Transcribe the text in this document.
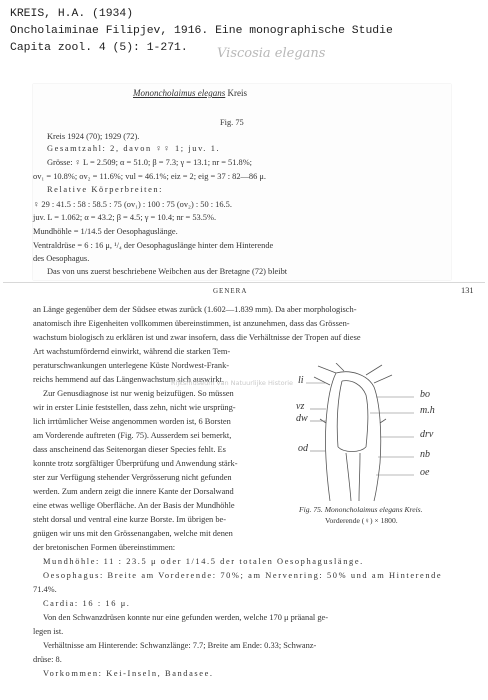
KREIS, H.A. (1934)
Oncholaiminae Filipjev, 1916. Eine monographische Studie
Capita zool. 4 (5): 1-271. Viscosia elegans
Mononcholaimus elegans Kreis
Fig. 75
Kreis 1924 (70); 1929 (72).
Gesamtzahl: 2, davon ♀♀ 1; juv. 1.
Grösse: ♀ L = 2.509; α = 51.0; β = 7.3; γ = 13.1; nr = 51.8%;
ov₁ = 10.8%; ov₂ = 11.6%; vul = 46.1%; eiz = 2; eig = 37 : 82—86 μ.
Relative Körperbreiten:
♀ 29 : 41.5 : 58 : 58.5 : 75 (ov₁) : 100 : 75 (ov₂) : 50 : 16.5.
juv. L = 1.062; α = 43.2; β = 4.5; γ = 10.4; nr = 53.5%.
Mundhöhle = 1/14.5 der Oesophaguslänge.
Ventraldrüse = 6 : 16 μ, ¹/₄ der Oesophaguslänge hinter dem Hinterende
des Oesophagus.
Das von uns zuerst beschriebene Weibchen aus der Bretagne (72) bleibt
GENERA	131
an Länge gegenüber dem der Südsee etwas zurück (1.602—1.839 mm). Da aber morphologisch-
anatomisch ihre Eigenheiten vollkommen übereinstimmen, ist anzunehmen, dass das Grössen-
wachstum biologisch zu erklären ist und zwar insofern, dass die Verhältnisse der Tropen auf diese
Art wachstumfördernd einwirkt, während die starken Tem-
peraturschwankungen unterlegene Küste Nordwest-Frank-
reichs hemmend auf das Längenwachstum sich auswirkt.
Zur Genusdiagnose ist nur wenig beizufügen. So müssen
wir in erster Linie feststellen, dass zehn, nicht wie ursprüng-
lich irrtümlicher Weise angenommen worden ist, 6 Borsten
am Vorderende auftreten (Fig. 75). Ausserdem sei bemerkt,
dass anscheinend das Seitenorgan dieser Species fehlt. Es
konnte trotz sorgfältiger Überprüfung und Anwendung stärk-
ster zur Verfügung stehender Vergrösserung nicht gefunden
werden. Zum andern zeigt die innere Kante der Dorsalwand
eine etwas wellige Oberfläche. An der Basis der Mundhöhle
steht dorsal und ventral eine kurze Borste. Im übrigen be-
gnügen wir uns mit den Grössenangaben, welche mit denen
der bretonischen Formen übereinstimmen:
Rijksmuseum van Natuurlijke Historie li
vz
dw
od
bo
m.h
drv
nb
oe
Fig. 75. Mononcholaimus elegans Kreis.
Vorderende (♀) × 1800.
Mundhöhle: 11 : 23.5 μ oder 1/14.5 der totalen Oesophaguslänge.
Oesophagus: Breite am Vorderende: 70%; am Nervenring: 50% und am Hinterende
71.4%.
Cardia: 16 : 16 μ.
Von den Schwanzdrüsen konnte nur eine gefunden werden, welche 170 μ präanal ge-
legen ist.
Verhältnisse am Hinterende: Schwanzlänge: 7.7; Breite am Ende: 0.33; Schwanz-
drüse: 8.
Vorkommen: Kei-Inseln, Bandasee.
